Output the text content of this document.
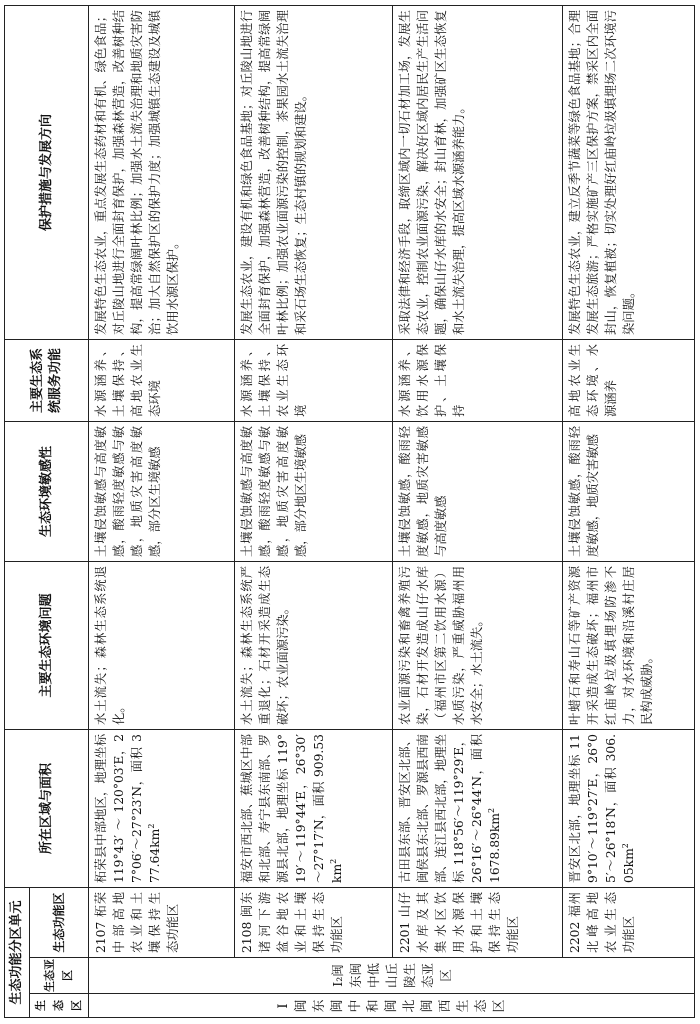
生态功能分区单元			所在区域与面积	主要生态环境问题	生态环境敏感性	主要生态系统服务功能	保护措施与发展方向
生态区	生态亚区	生态功能区					
Ⅰ闽东闽中和闽北闽西生态区	Ⅰ₂闽东闽中低山丘陵生态亚区	2107 柘荣中部高地农业和土壤保持生态功能区	柘荣县中部地区，地理坐标 119°43′ ～ 120°03′E，27°06′～27°23′N，面积 $377.64km^2$	水土流失；森林生态系统退化。	土壤侵蚀敏感与高度敏感，酸雨轻度敏感与敏感，地质灾害高度敏感，部分区生境敏感	水源涵养、土壤保持、高地农业生态环境	发展特色生态农业，重点发展生态药材和有机、绿色食品；对丘陵山地进行全面封育保护，加强森林营造，改善树种结构，提高常绿阔叶林比例；加强水土流失治理和地质灾害防治；加大自然保护区的保护力度；加强城镇生态建设及城镇饮用水源区保护。
		2108 闽东诸河下游盆谷地农业和土壤保持生态功能区	福安市西北部、蕉城区中部和北部、寿宁县东南部、罗源县北部，地理坐标 119°19′～119°44′E，26°30′～27°17′N，面积 $909.53km^2$	水土流失；森林生态系统严重退化；石材开采造成生态破坏；农业面源污染。	土壤侵蚀敏感与高度敏感，酸雨轻度敏感与敏感，地质灾害高度敏感，部分地区生境敏感	水源涵养、土壤保持、农业生态环境	发展生态农业，建设有机和绿色食品基地；对丘陵山地进行全面封育保护，加强森林营造，改善树种结构，提高常绿阔叶林比例；加强农业面源污染的控制，茶果园水土流失治理和采石场生态恢复；生态村镇的规划和建设。
		2201 山仔水库及其集水区饮用水源保护和土壤保持生态功能区	古田县东部、晋安区北部、闽侯县东北部、罗源县西南部、连江县西北部，地理坐标 118°56′～119°29′E，26°16′～26°44′N，面积 $1678.89km^2$	农业面源污染和畜禽养殖污染，石材开发造成山仔水库（福州市区第二饮用水源）水质污染，严重威胁福州用水安全；水土流失。	土壤侵蚀敏感，酸雨轻度敏感，地质灾害敏感与高度敏感	水源涵养、饮用水源保护、土壤保持	采取法律和经济手段，取缔区域内一切石材加工场，发展生态农业，控制农业面源污染，解决好区域内居民生产生活问题，确保山仔水库的水安全；封山育林，加强矿区生态恢复和水土流失治理，提高区域水源涵养能力。
		2202 福州北峰高地农业生态功能区	晋安区北部，地理坐标 119°10′～119°27′E，26°05′～26°18′N，面积 $306.05km^2$	叶蜡石和寿山石等矿产资源开采造成生态破坏；福州市红庙岭垃圾填埋场防渗不力，对水环境和沿溪村庄居民构成威胁。	土壤侵蚀敏感，酸雨轻度敏感，地质灾害敏感	高地农业生态环境、水源涵养	发展特色生态农业，建立反季节蔬菜等绿色食品基地；合理发展生态旅游；严格实施矿产三区保护方案，禁采区内全面封山，恢复植被；切实处理好红庙岭垃圾填埋场二次环境污染问题。
